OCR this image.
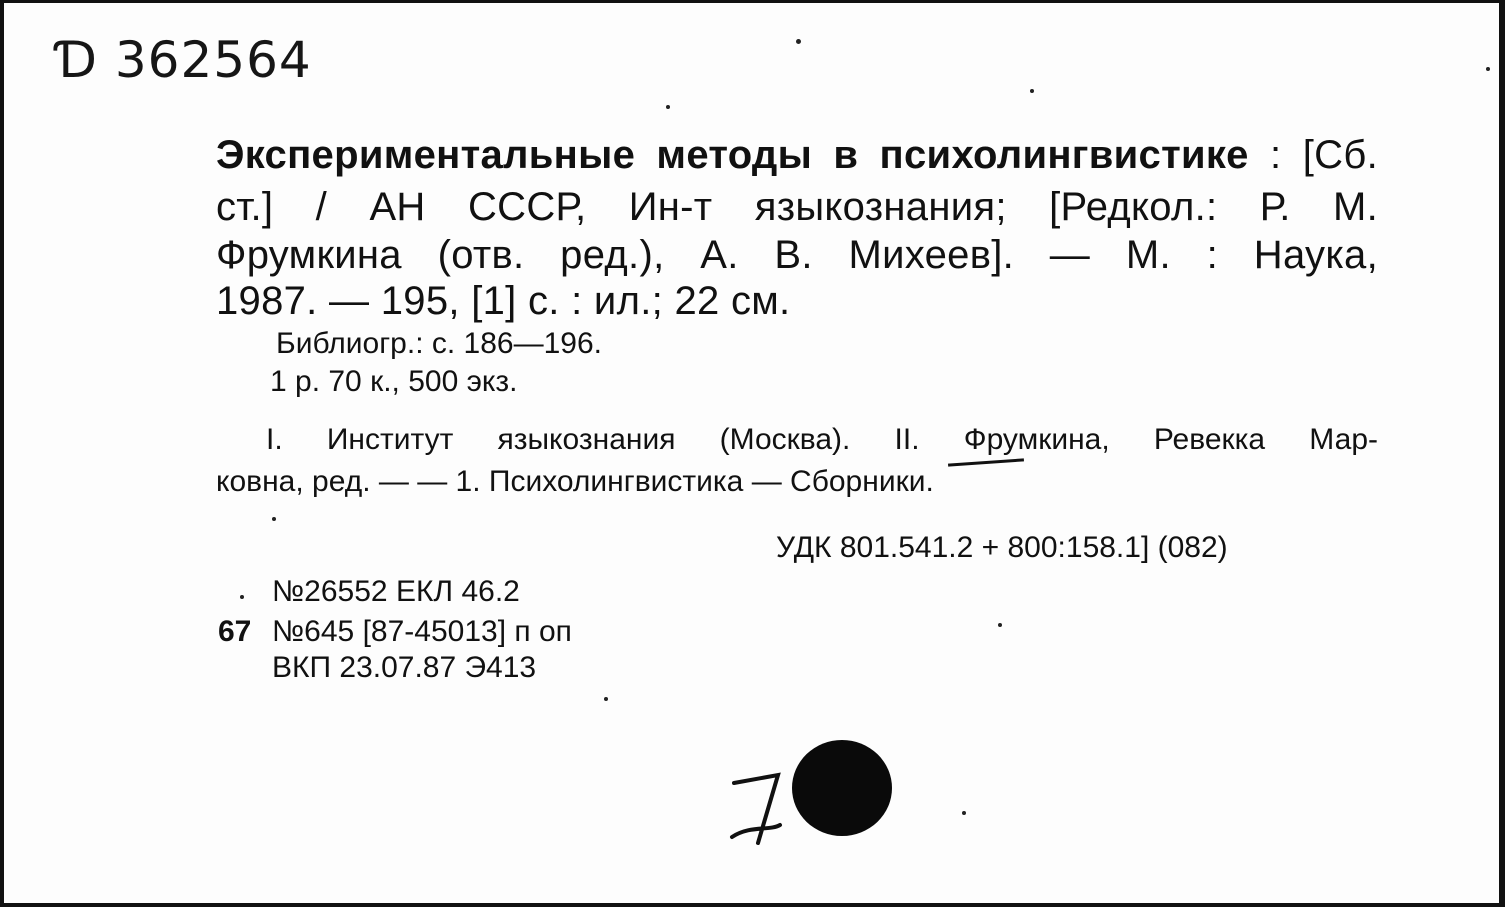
Ɗ 362564
Экспериментальные методы в психолингвистике : [Сб.
ст.] / АН СССР, Ин-т языкознания; [Редкол.: Р. М.
Фрумкина (отв. ред.), А. В. Михеев]. — М. : Наука,
1987. — 195, [1] с. : ил.; 22 см.
Библиогр.: с. 186—196.
1 р. 70 к., 500 экз.
I. Институт языкознания (Москва). II. Фрумкина, Ревекка Мар-
ковна, ред. — — 1. Психолингвистика — Сборники.
УДК 801.541.2 + 800:158.1] (082)
№26552 ЕКЛ 46.2
67 №645 [87-45013] п оп
ВКП 23.07.87 Э413
